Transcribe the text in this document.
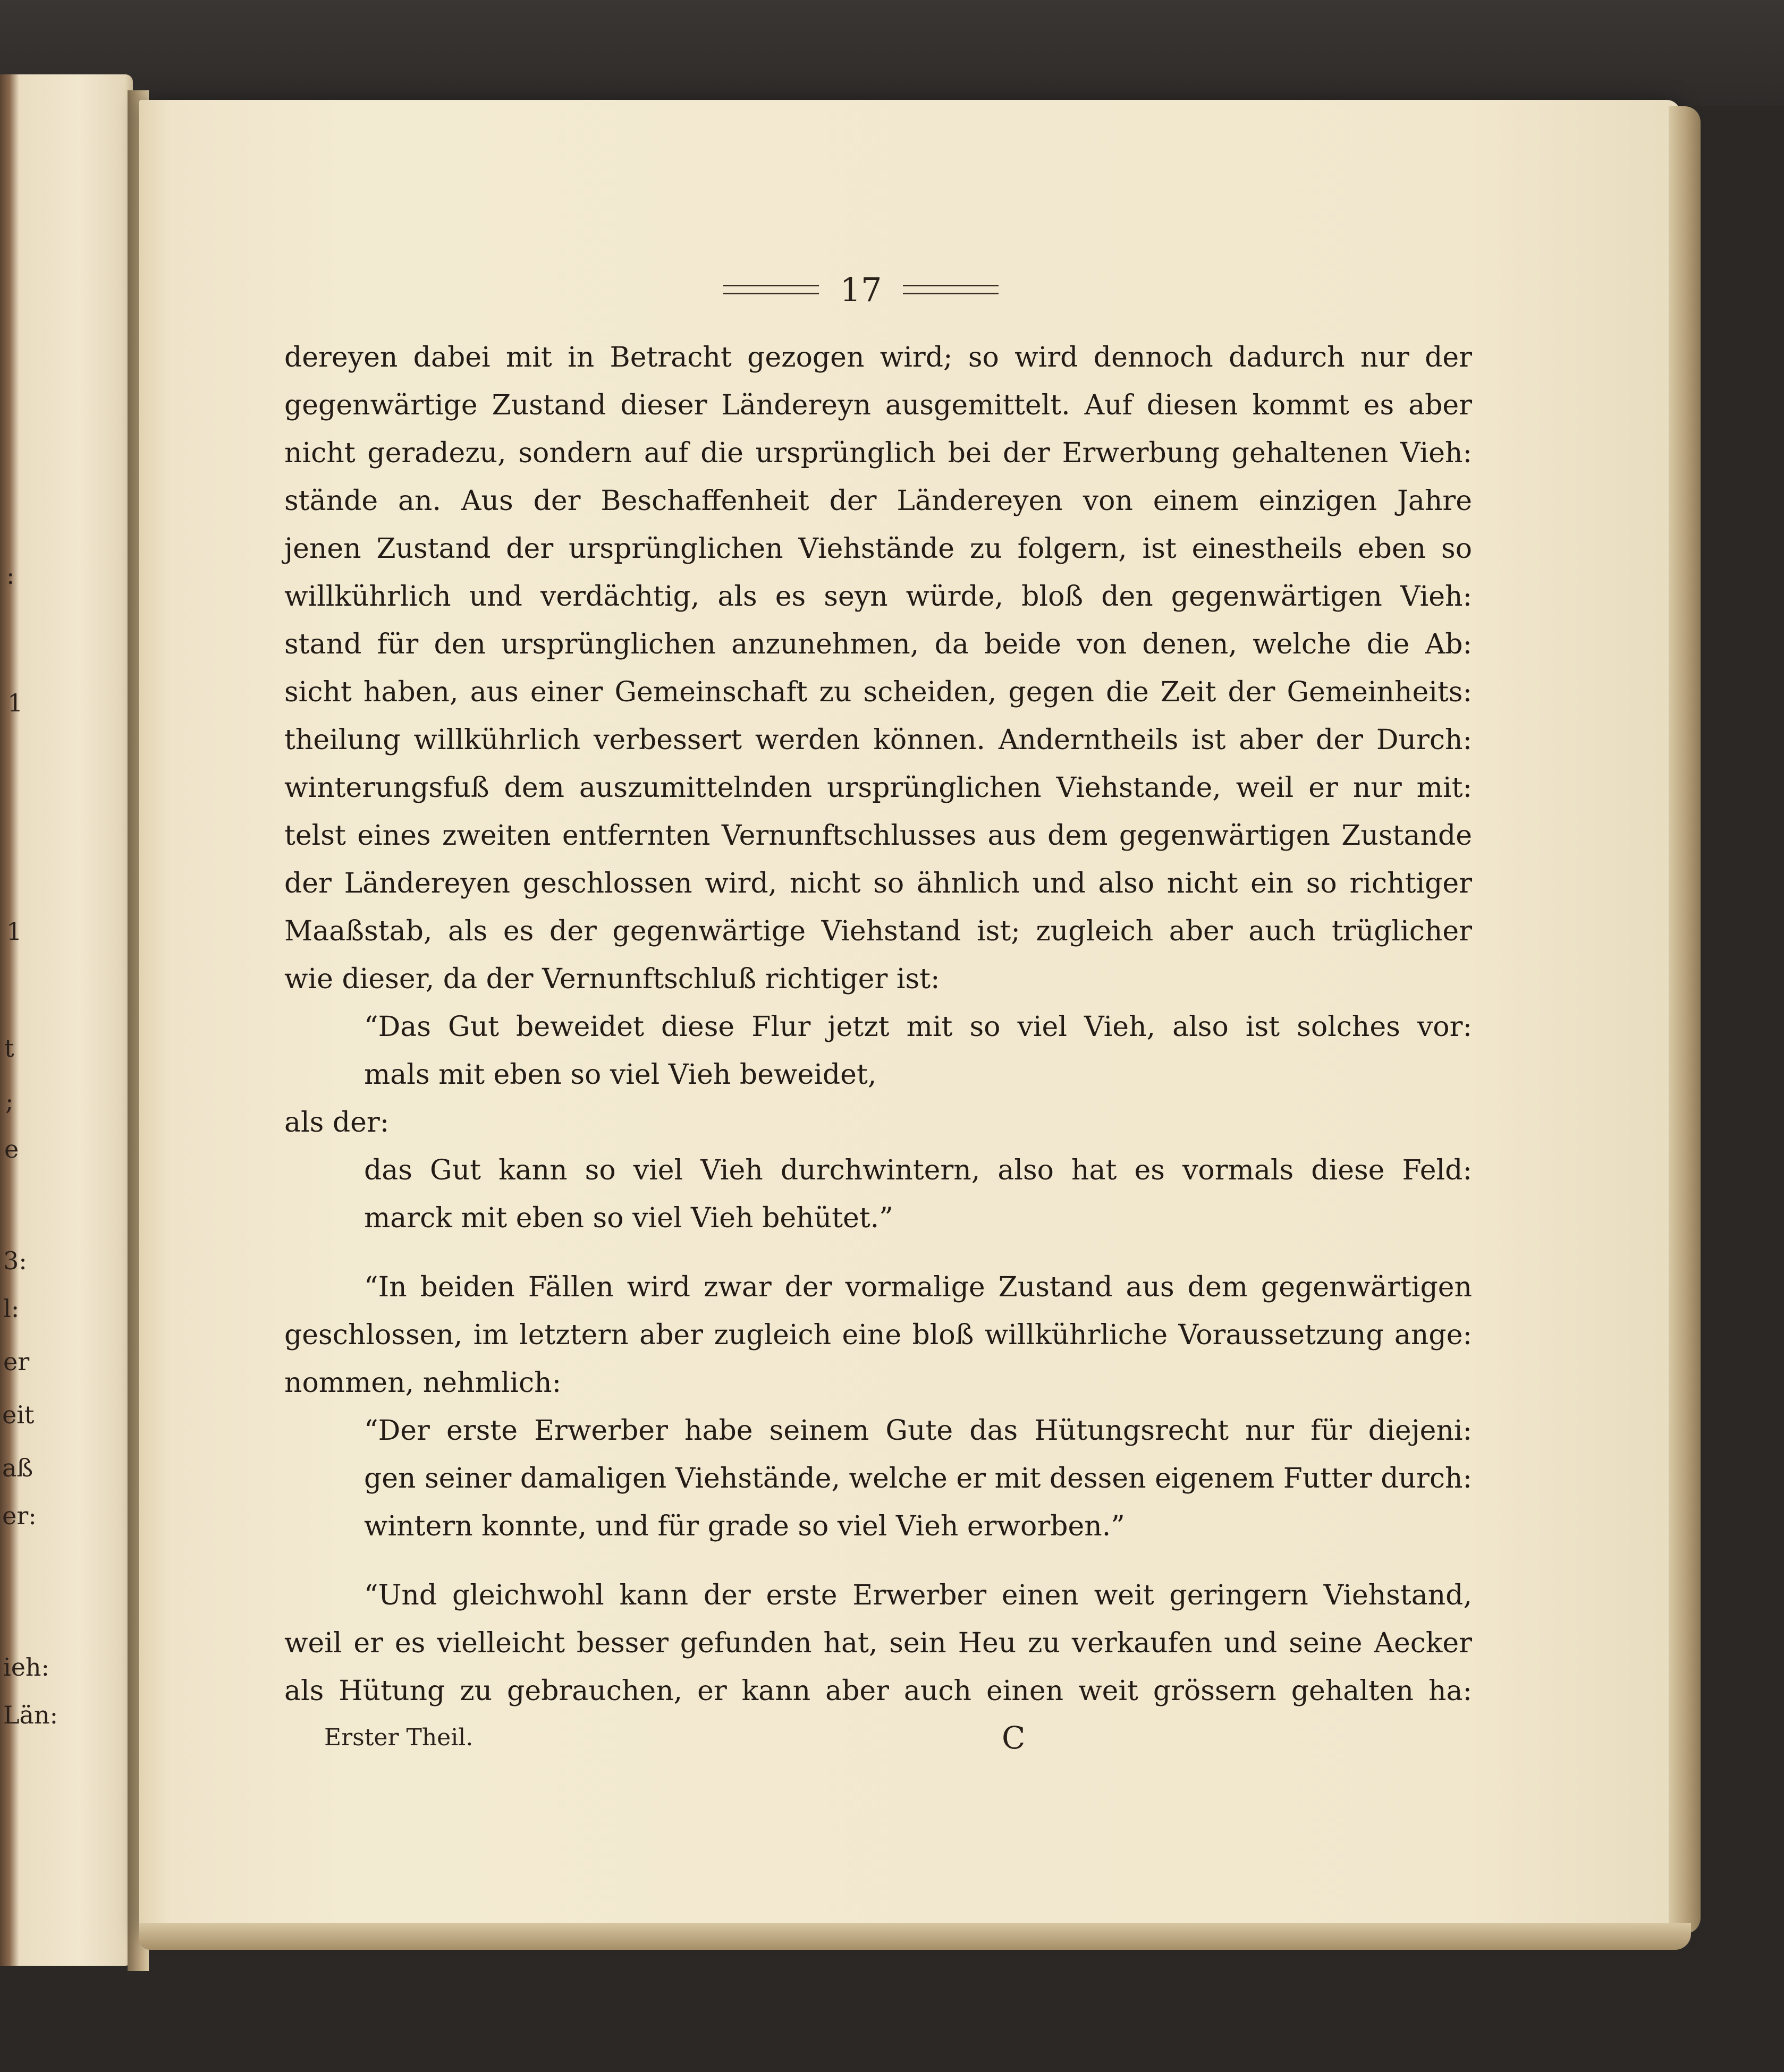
:
1
1
t
;
e
3:
l:
er
eit
aß
er:
ieh:
Län:
17
dereyen dabei mit in Betracht gezogen wird; so wird dennoch dadurch nur der
gegenwärtige Zustand dieser Ländereyn ausgemittelt. Auf diesen kommt es aber
nicht geradezu, sondern auf die ursprünglich bei der Erwerbung gehaltenen Vieh:
stände an. Aus der Beschaffenheit der Ländereyen von einem einzigen Jahre
jenen Zustand der ursprünglichen Viehstände zu folgern, ist einestheils eben so
willkührlich und verdächtig, als es seyn würde, bloß den gegenwärtigen Vieh:
stand für den ursprünglichen anzunehmen, da beide von denen, welche die Ab:
sicht haben, aus einer Gemeinschaft zu scheiden, gegen die Zeit der Gemeinheits:
theilung willkührlich verbessert werden können. Anderntheils ist aber der Durch:
winterungsfuß dem auszumittelnden ursprünglichen Viehstande, weil er nur mit:
telst eines zweiten entfernten Vernunftschlusses aus dem gegenwärtigen Zustande
der Ländereyen geschlossen wird, nicht so ähnlich und also nicht ein so richtiger
Maaßstab, als es der gegenwärtige Viehstand ist; zugleich aber auch trüglicher
wie dieser, da der Vernunftschluß richtiger ist:
“Das Gut beweidet diese Flur jetzt mit so viel Vieh, also ist solches vor:
mals mit eben so viel Vieh beweidet,
als der:
das Gut kann so viel Vieh durchwintern, also hat es vormals diese Feld:
marck mit eben so viel Vieh behütet.”
“In beiden Fällen wird zwar der vormalige Zustand aus dem gegenwärtigen
geschlossen, im letztern aber zugleich eine bloß willkührliche Voraussetzung ange:
nommen, nehmlich:
“Der erste Erwerber habe seinem Gute das Hütungsrecht nur für diejeni:
gen seiner damaligen Viehstände, welche er mit dessen eigenem Futter durch:
wintern konnte, und für grade so viel Vieh erworben.”
“Und gleichwohl kann der erste Erwerber einen weit geringern Viehstand,
weil er es vielleicht besser gefunden hat, sein Heu zu verkaufen und seine Aecker
als Hütung zu gebrauchen, er kann aber auch einen weit grössern gehalten ha:
Erster Theil.	C
